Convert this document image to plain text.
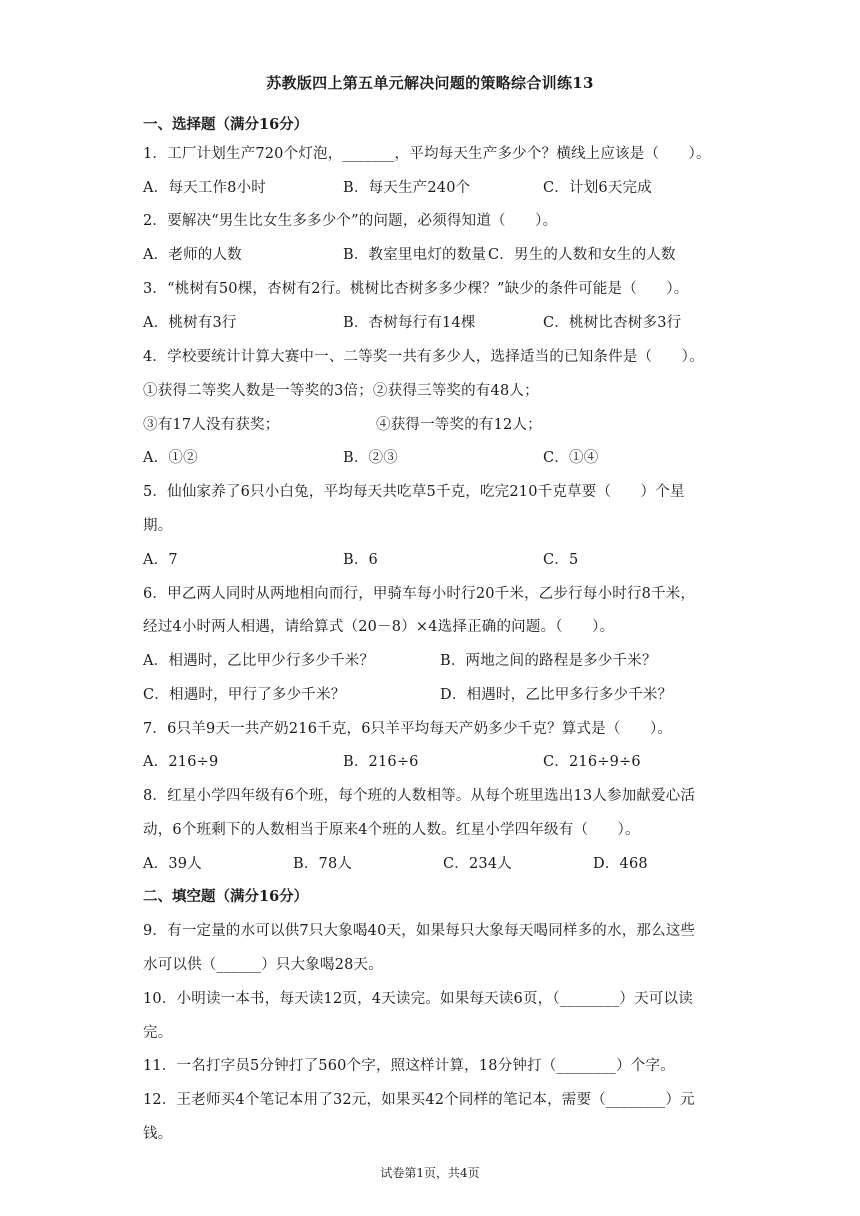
苏教版四上第五单元解决问题的策略综合训练13
一、选择题（满分16分）
1．工厂计划生产720个灯泡，_______，平均每天生产多少个？横线上应该是（　　）。
A．每天工作8小时	B．每天生产240个	C．计划6天完成
2．要解决“男生比女生多多少个”的问题，必须得知道（　　）。
A．老师的人数	B．教室里电灯的数量 C．男生的人数和女生的人数
3．“桃树有50棵，杏树有2行。桃树比杏树多多少棵？”缺少的条件可能是（　　）。
A．桃树有3行	B．杏树每行有14棵	C．桃树比杏树多3行
4．学校要统计计算大赛中一、二等奖一共有多少人，选择适当的已知条件是（　　）。
①获得二等奖人数是一等奖的3倍；②获得三等奖的有48人；
③有17人没有获奖；	④获得一等奖的有12人；
A．①②	B．②③	C．①④
5．仙仙家养了6只小白兔，平均每天共吃草5千克，吃完210千克草要（　　）个星
期。
A．7	B．6	C．5
6．甲乙两人同时从两地相向而行，甲骑车每小时行20千米，乙步行每小时行8千米，
经过4小时两人相遇，请给算式（20－8）×4选择正确的问题。（　　）。
A．相遇时，乙比甲少行多少千米？	B．两地之间的路程是多少千米？
C．相遇时，甲行了多少千米？	D．相遇时，乙比甲多行多少千米？
7．6只羊9天一共产奶216千克，6只羊平均每天产奶多少千克？算式是（　　）。
A．216÷9	B．216÷6	C．216÷9÷6
8．红星小学四年级有6个班，每个班的人数相等。从每个班里选出13人参加献爱心活
动，6个班剩下的人数相当于原来4个班的人数。红星小学四年级有（　　）。
A．39人	B．78人	C．234人	D．468
二、填空题（满分16分）
9．有一定量的水可以供7只大象喝40天，如果每只大象每天喝同样多的水，那么这些
水可以供（______）只大象喝28天。
10．小明读一本书，每天读12页，4天读完。如果每天读6页，（________）天可以读
完。
11．一名打字员5分钟打了560个字，照这样计算，18分钟打（________）个字。
12．王老师买4个笔记本用了32元，如果买42个同样的笔记本，需要（________）元
钱。
试卷第1页，共4页
